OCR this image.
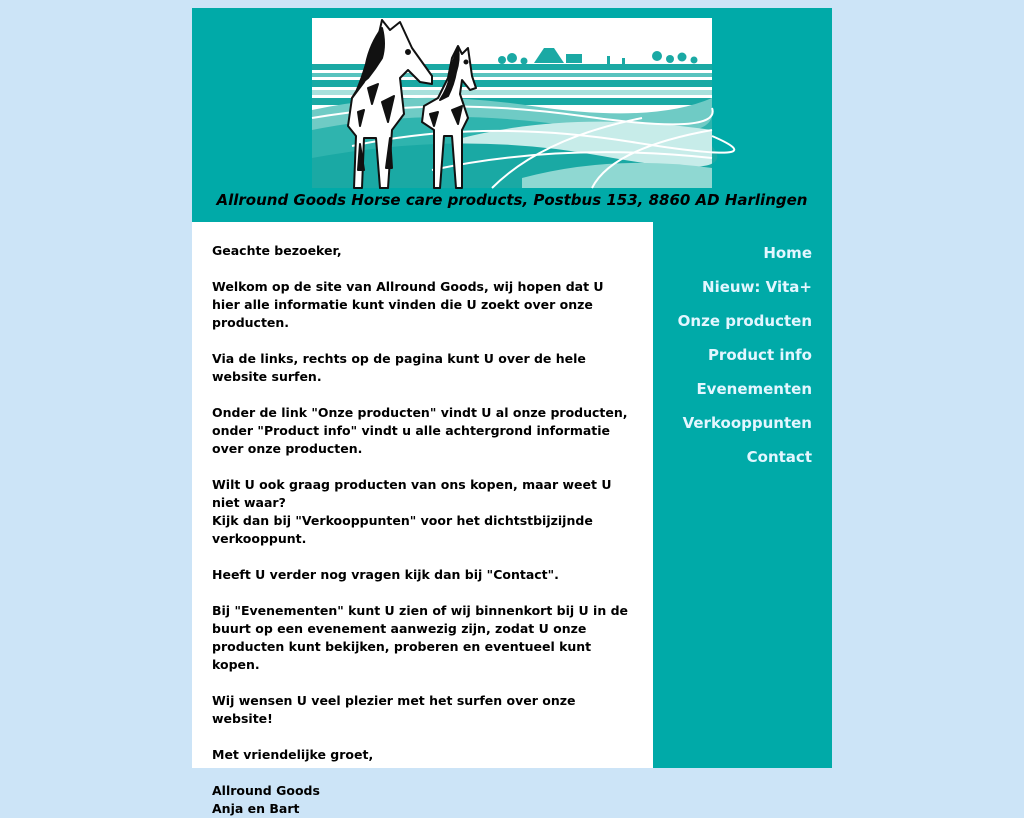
Allround Goods Horse care products, Postbus 153, 8860 AD Harlingen

Geachte bezoeker,

Welkom op de site van Allround Goods, wij hopen dat U hier alle informatie kunt vinden die U zoekt over onze producten.

Via de links, rechts op de pagina kunt U over de hele website surfen.

Onder de link "Onze producten" vindt U al onze producten, onder "Product info" vindt u alle achtergrond informatie over onze producten.

Wilt U ook graag producten van ons kopen, maar weet U niet waar?

Kijk dan bij "Verkooppunten" voor het dichtstbijzijnde verkooppunt.

Heeft U verder nog vragen kijk dan bij "Contact".

Bij "Evenementen" kunt U zien of wij binnenkort bij U in de buurt op een evenement aanwezig zijn, zodat U onze producten kunt bekijken, proberen en eventueel kunt kopen.

Wij wensen U veel plezier met het surfen over onze website!

Met vriendelijke groet,

Allround Goods

Anja en Bart

Home
Nieuw: Vita+
Onze producten
Product info
Evenementen
Verkooppunten
Contact
